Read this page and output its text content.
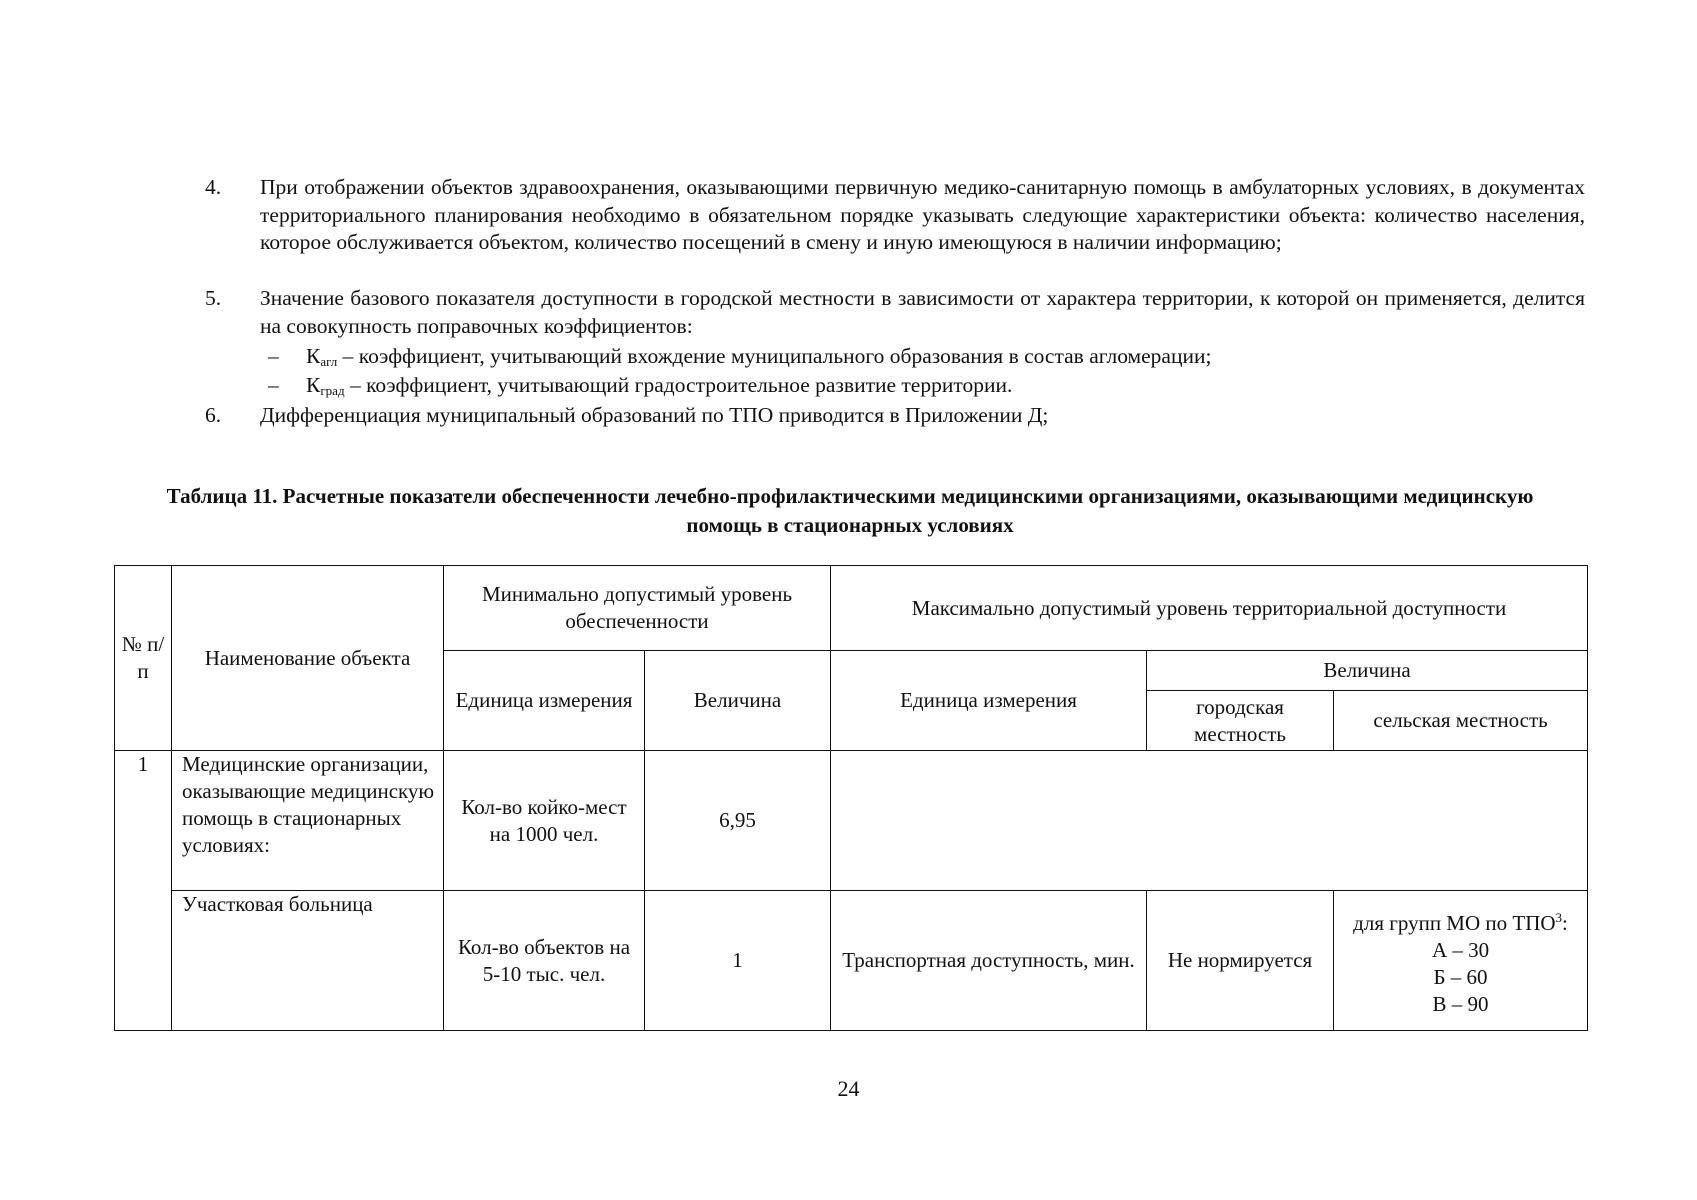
4.	При отображении объектов здравоохранения, оказывающими первичную медико-санитарную помощь в амбулаторных условиях, в документах территориального планирования необходимо в обязательном порядке указывать следующие характеристики объекта: количество населения, которое обслуживается объектом, количество посещений в смену и иную имеющуюся в наличии информацию;
5.	Значение базового показателя доступности в городской местности в зависимости от характера территории, к которой он применяется, делится на совокупность поправочных коэффициентов:
– $К_{агл}$ – коэффициент, учитывающий вхождение муниципального образования в состав агломерации;
– $К_{град}$ – коэффициент, учитывающий градостроительное развитие территории.
6.	Дифференциация муниципальный образований по ТПО приводится в Приложении Д;
Таблица 11. Расчетные показатели обеспеченности лечебно-профилактическими медицинскими организациями, оказывающими медицинскую помощь в стационарных условиях
№ п/п	Наименование объекта	Минимально допустимый уровень обеспеченности		Максимально допустимый уровень территориальной доступности		
		Единица измерения	Величина	Единица измерения	Величина	
					городская местность	сельская местность
1	Медицинские организации, оказывающие медицинскую помощь в стационарных условиях:	Кол-во койко-мест на 1000 чел.	6,95			
	Участковая больница	Кол-во объектов на 5-10 тыс. чел.	1	Транспортная доступность, мин.	Не нормируется	для групп МО по ТПО$^3$:
А – 30
Б – 60
В – 90
24
